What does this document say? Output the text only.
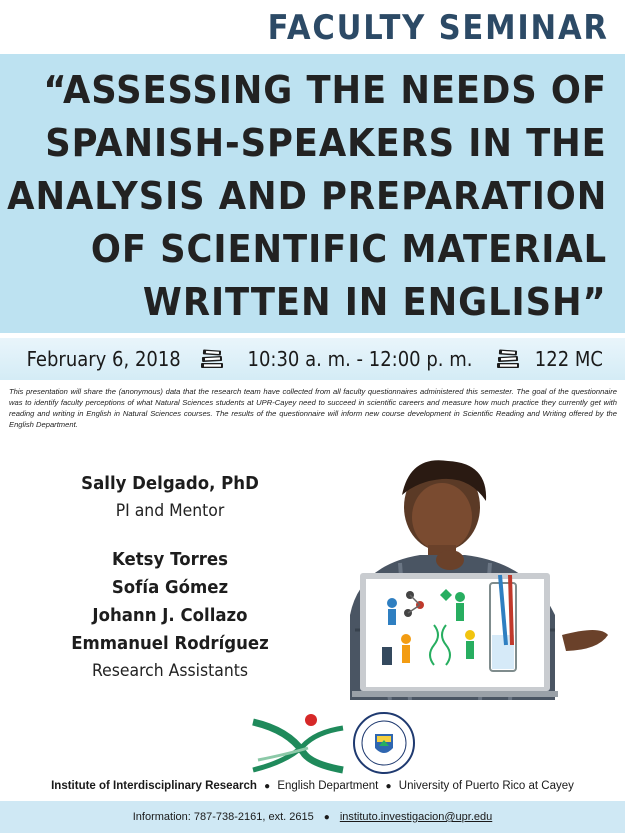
FACULTY SEMINAR
“ASSESSING THE NEEDS OF
SPANISH-SPEAKERS IN THE
ANALYSIS AND PREPARATION
OF SCIENTIFIC MATERIAL
WRITTEN IN ENGLISH”
February 6, 2018	10:30 a. m. - 12:00 p. m.	122 MC

This presentation will share the (anonymous) data that the research team have collected from all faculty questionnaires administered this semester. The goal of the questionnaire was to identify faculty perceptions of what Natural Sciences students at UPR-Cayey need to succeed in scientific careers and measure how much practice they currently get with reading and writing in English in Natural Sciences courses. The results of the questionnaire will inform new course development in Scientific Reading and Writing offered by the English Department.

Sally Delgado, PhD
PI and Mentor
Ketsy Torres
Sofía Gómez
Johann J. Collazo
Emmanuel Rodríguez
Research Assistants
Institute of Interdisciplinary Research ● English Department ● University of Puerto Rico at Cayey
Information: 787-738-2161, ext. 2615	● instituto.investigacion@upr.edu
